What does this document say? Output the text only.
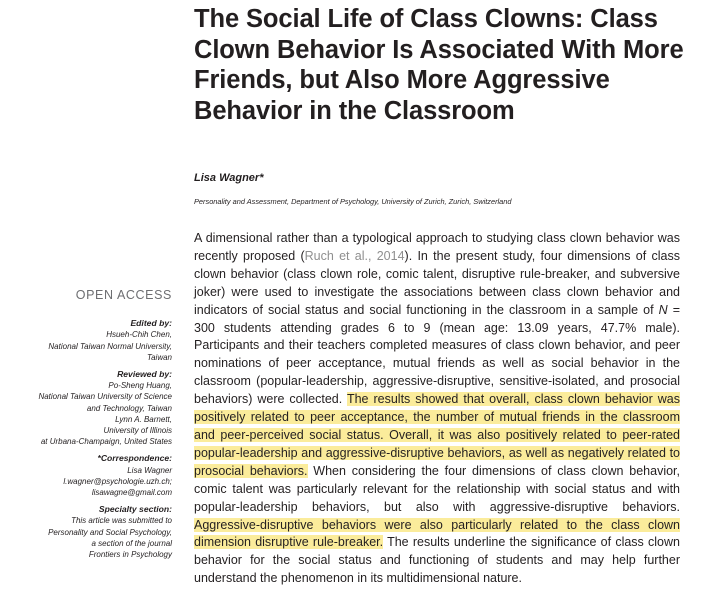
The Social Life of Class Clowns: Class Clown Behavior Is Associated With More Friends, but Also More Aggressive Behavior in the Classroom

Lisa Wagner*

Personality and Assessment, Department of Psychology, University of Zurich, Zurich, Switzerland

OPEN ACCESS
Edited by:
Hsueh-Chih Chen,
National Taiwan Normal University,
Taiwan
Reviewed by:
Po-Sheng Huang,
National Taiwan University of Science
and Technology, Taiwan
Lynn A. Barnett,
University of Illinois
at Urbana-Champaign, United States
*Correspondence:
Lisa Wagner
l.wagner@psychologie.uzh.ch;
lisawagne@gmail.com
Specialty section:
This article was submitted to
Personality and Social Psychology,
a section of the journal
Frontiers in Psychology

A dimensional rather than a typological approach to studying class clown behavior was recently proposed (Ruch et al., 2014). In the present study, four dimensions of class clown behavior (class clown role, comic talent, disruptive rule-breaker, and subversive joker) were used to investigate the associations between class clown behavior and indicators of social status and social functioning in the classroom in a sample of N = 300 students attending grades 6 to 9 (mean age: 13.09 years, 47.7% male). Participants and their teachers completed measures of class clown behavior, and peer nominations of peer acceptance, mutual friends as well as social behavior in the classroom (popular-leadership, aggressive-disruptive, sensitive-isolated, and prosocial behaviors) were collected. The results showed that overall, class clown behavior was positively related to peer acceptance, the number of mutual friends in the classroom and peer-perceived social status. Overall, it was also positively related to peer-rated popular-leadership and aggressive-disruptive behaviors, as well as negatively related to prosocial behaviors. When considering the four dimensions of class clown behavior, comic talent was particularly relevant for the relationship with social status and with popular-leadership behaviors, but also with aggressive-disruptive behaviors. Aggressive-disruptive behaviors were also particularly related to the class clown dimension disruptive rule-breaker. The results underline the significance of class clown behavior for the social status and functioning of students and may help further understand the phenomenon in its multidimensional nature.
